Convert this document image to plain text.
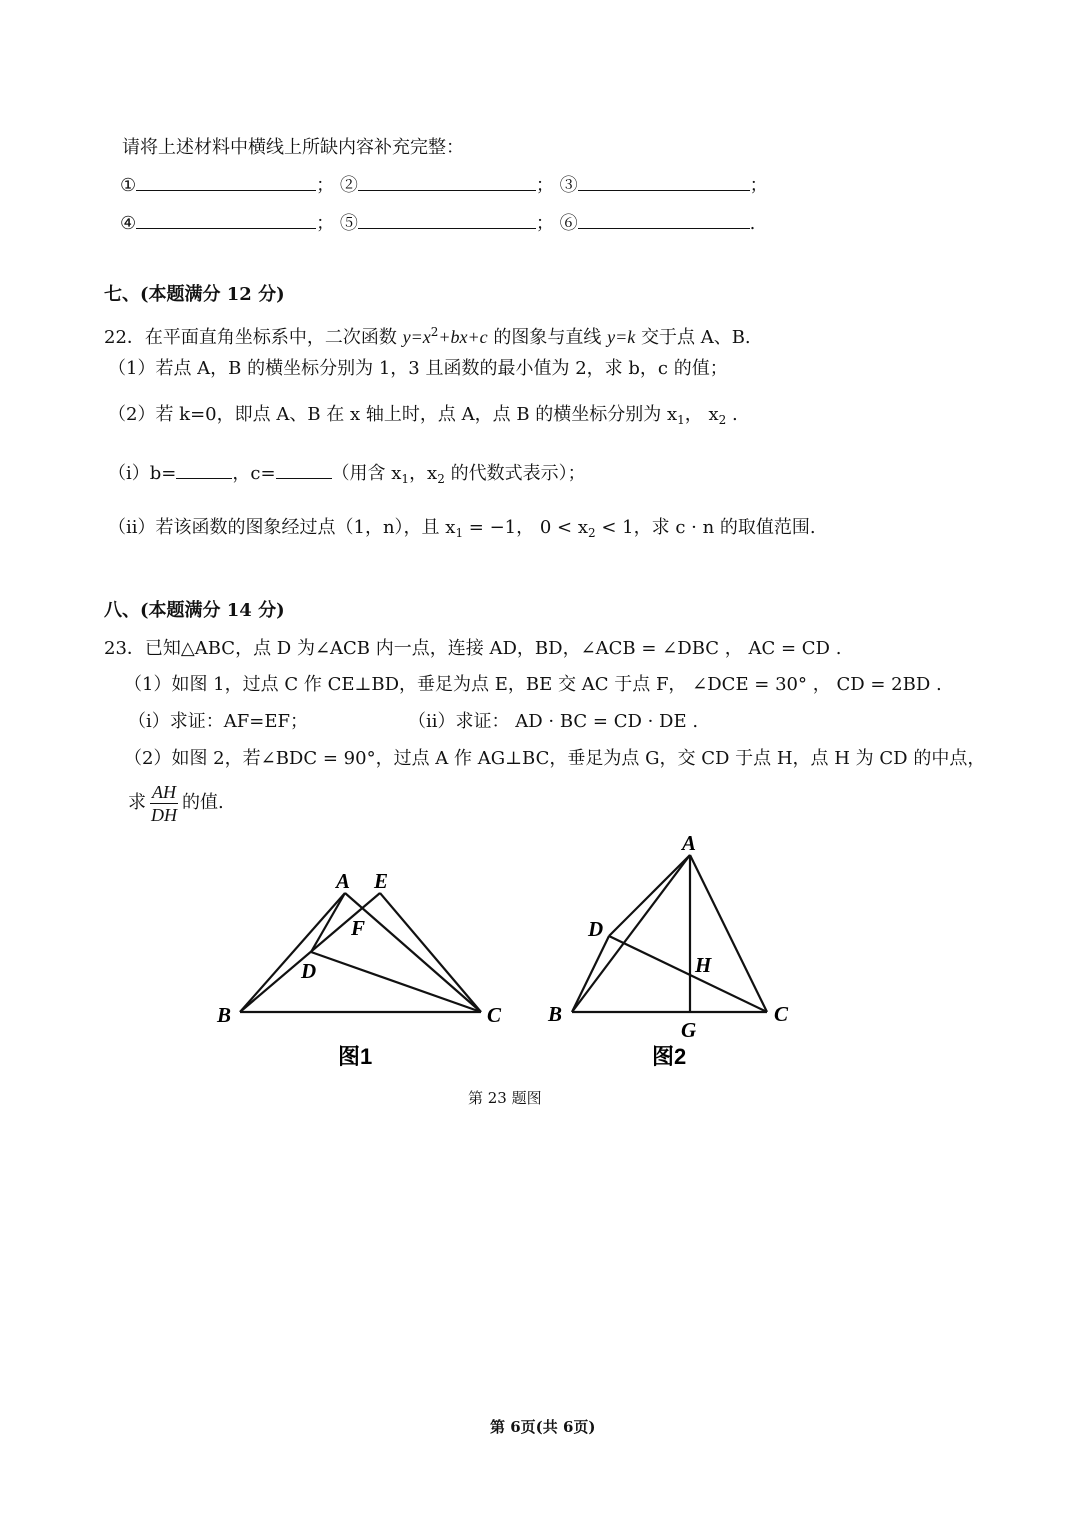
请将上述材料中横线上所缺内容补充完整：
①	； ②	； ③	；
④	； ⑤	； ⑥	.
七、(本题满分 12 分)
22．在平面直角坐标系中，二次函数 $y=x^2+bx+c$ 的图象与直线 y=k 交于点 A、B.
（1）若点 A，B 的横坐标分别为 1，3 且函数的最小值为 2，求 b，c 的值；
（2）若 k=0，即点 A、B 在 x 轴上时，点 A，点 B 的横坐标分别为 $x_1$， $x_2$ .
（i）b=	，c=	（用含 $x_1$，$x_2$ 的代数式表示）；
（ii）若该函数的图象经过点（1，n），且 $x_1 = -1$， $0 < x_2 < 1$，求 c · n 的取值范围.
八、(本题满分 14 分)
23．已知△ABC，点 D 为∠ACB 内一点，连接 AD，BD，∠ACB = ∠DBC ， AC = CD .
（1）如图 1，过点 C 作 CE⊥BD，垂足为点 E，BE 交 AC 于点 F， ∠DCE = 30° ， CD = 2BD .
（i）求证：AF=EF；	（ii）求证： AD · BC = CD · DE .
（2）如图 2，若∠BDC = 90°，过点 A 作 AG⊥BC，垂足为点 G，交 CD 于点 H，点 H 为 CD 的中点，
求 $\frac{AH}{DH}$ 的值.
A E
F
D
B	C
图1
A
D
H
B
G
C
图2
第 23 题图
第 6页(共 6页)
